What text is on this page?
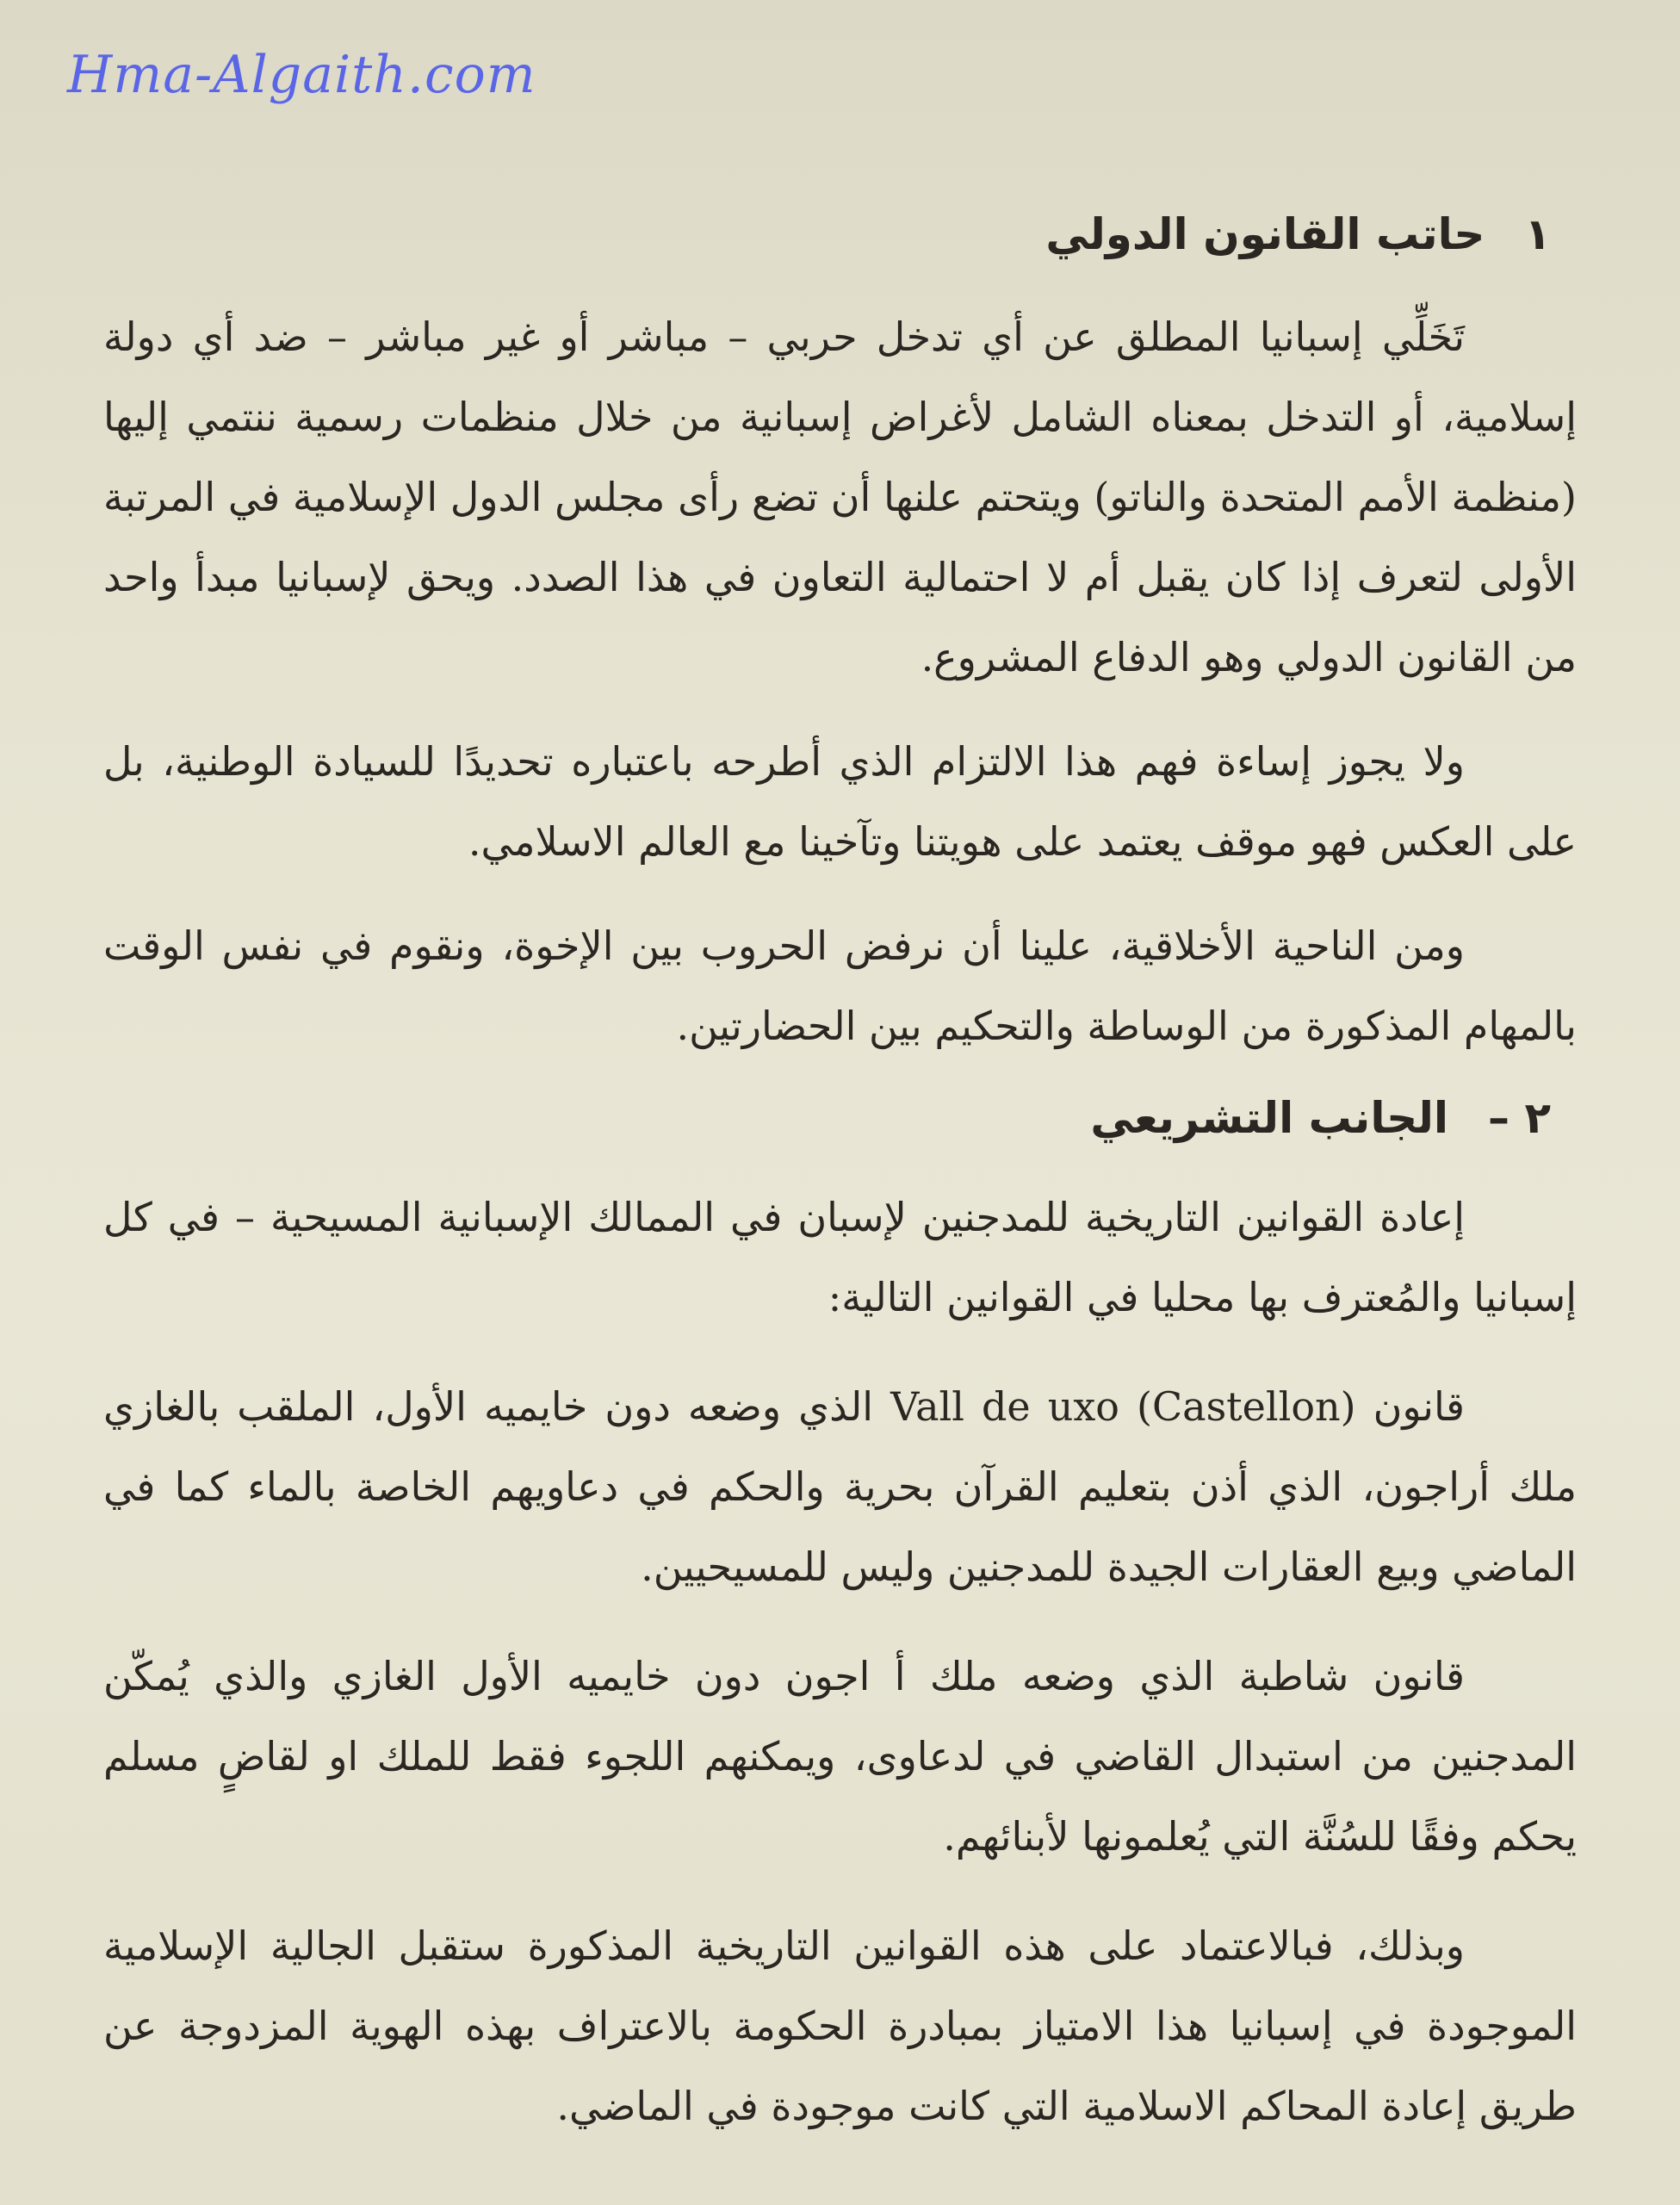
Hma-Algaith.com
١حاتب القانون الدولي

تَخَلِّي إسبانيا المطلق عن أي تدخل حربي – مباشر أو غير مباشر – ضد أي دولة إسلامية، أو التدخل بمعناه الشامل لأغراض إسبانية من خلال منظمات رسمية ننتمي إليها (منظمة الأمم المتحدة والناتو) ويتحتم علنها أن تضع رأى مجلس الدول الإسلامية في المرتبة الأولى لتعرف إذا كان يقبل أم لا احتمالية التعاون في هذا الصدد. ويحق لإسبانيا مبدأ واحد من القانون الدولي وهو الدفاع المشروع.

ولا يجوز إساءة فهم هذا الالتزام الذي أطرحه باعتباره تحديدًا للسيادة الوطنية، بل على العكس فهو موقف يعتمد على هويتنا وتآخينا مع العالم الاسلامي.

ومن الناحية الأخلاقية، علينا أن نرفض الحروب بين الإخوة، ونقوم في نفس الوقت بالمهام المذكورة من الوساطة والتحكيم بين الحضارتين.

٢ –الجانب التشريعي

إعادة القوانين التاريخية للمدجنين لإسبان في الممالك الإسبانية المسيحية – في كل إسبانيا والمُعترف بها محليا في القوانين التالية:

قانون Vall de uxo (Castellon) الذي وضعه دون خايميه الأول، الملقب بالغازي ملك أراجون، الذي أذن بتعليم القرآن بحرية والحكم في دعاويهم الخاصة بالماء كما في الماضي وبيع العقارات الجيدة للمدجنين وليس للمسيحيين.

قانون شاطبة الذي وضعه ملك أ اجون دون خايميه الأول الغازي والذي يُمكّن المدجنين من استبدال القاضي في لدعاوى، ويمكنهم اللجوء فقط للملك او لقاضٍ مسلم يحكم وفقًا للسُنَّة التي يُعلمونها لأبنائهم.

وبذلك، فبالاعتماد على هذه القوانين التاريخية المذكورة ستقبل الجالية الإسلامية الموجودة في إسبانيا هذا الامتياز بمبادرة الحكومة بالاعتراف بهذه الهوية المزدوجة عن طريق إعادة المحاكم الاسلامية التي كانت موجودة في الماضي.
